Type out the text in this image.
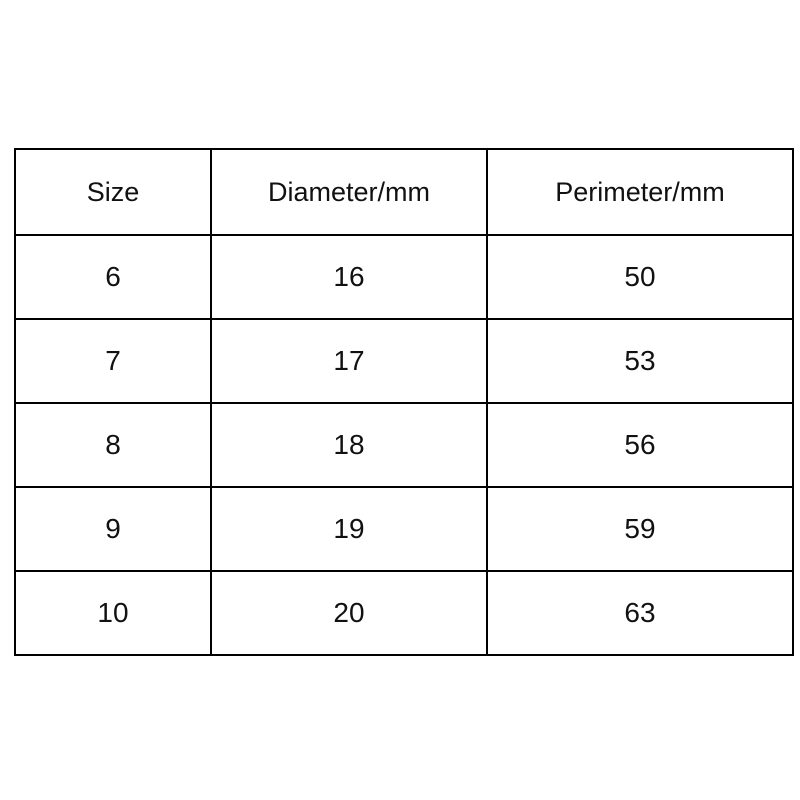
Size	Diameter/mm	Perimeter/mm
6	16	50
7	17	53
8	18	56
9	19	59
10	20	63
